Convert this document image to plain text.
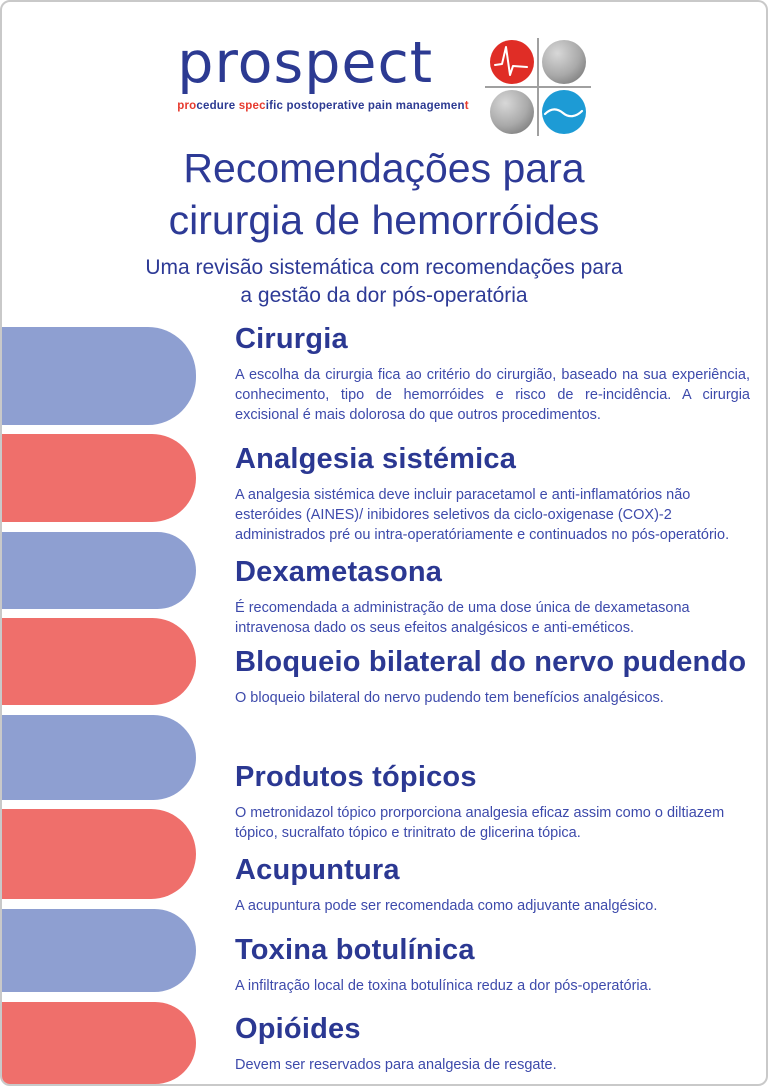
prospect
procedure specific postoperative pain management
Recomendações para
cirurgia de hemorróides
Uma revisão sistemática com recomendações para
a gestão da dor pós-operatória
Cirurgia

A escolha da cirurgia fica ao critério do cirurgião, baseado na sua experiência, conhecimento, tipo de hemorróides e risco de re-incidência. A cirurgia excisional é mais dolorosa do que outros procedimentos.

Analgesia sistémica

A analgesia sistémica deve incluir paracetamol e anti-inflamatórios não esteróides (AINES)/ inibidores seletivos da ciclo-oxigenase (COX)-2 administrados pré ou intra-operatóriamente e continuados no pós-operatório.

Dexametasona

É recomendada a administração de uma dose única de dexametasona intravenosa dado os seus efeitos analgésicos e anti-eméticos.

Bloqueio bilateral do nervo pudendo

O bloqueio bilateral do nervo pudendo tem benefícios analgésicos.

Produtos tópicos

O metronidazol tópico prorporciona analgesia eficaz assim como o diltiazem tópico, sucralfato tópico e trinitrato de glicerina tópica.

Acupuntura

A acupuntura pode ser recomendada como adjuvante analgésico.

Toxina botulínica

A infiltração local de toxina botulínica reduz a dor pós-operatória.

Opióides

Devem ser reservados para analgesia de resgate.
